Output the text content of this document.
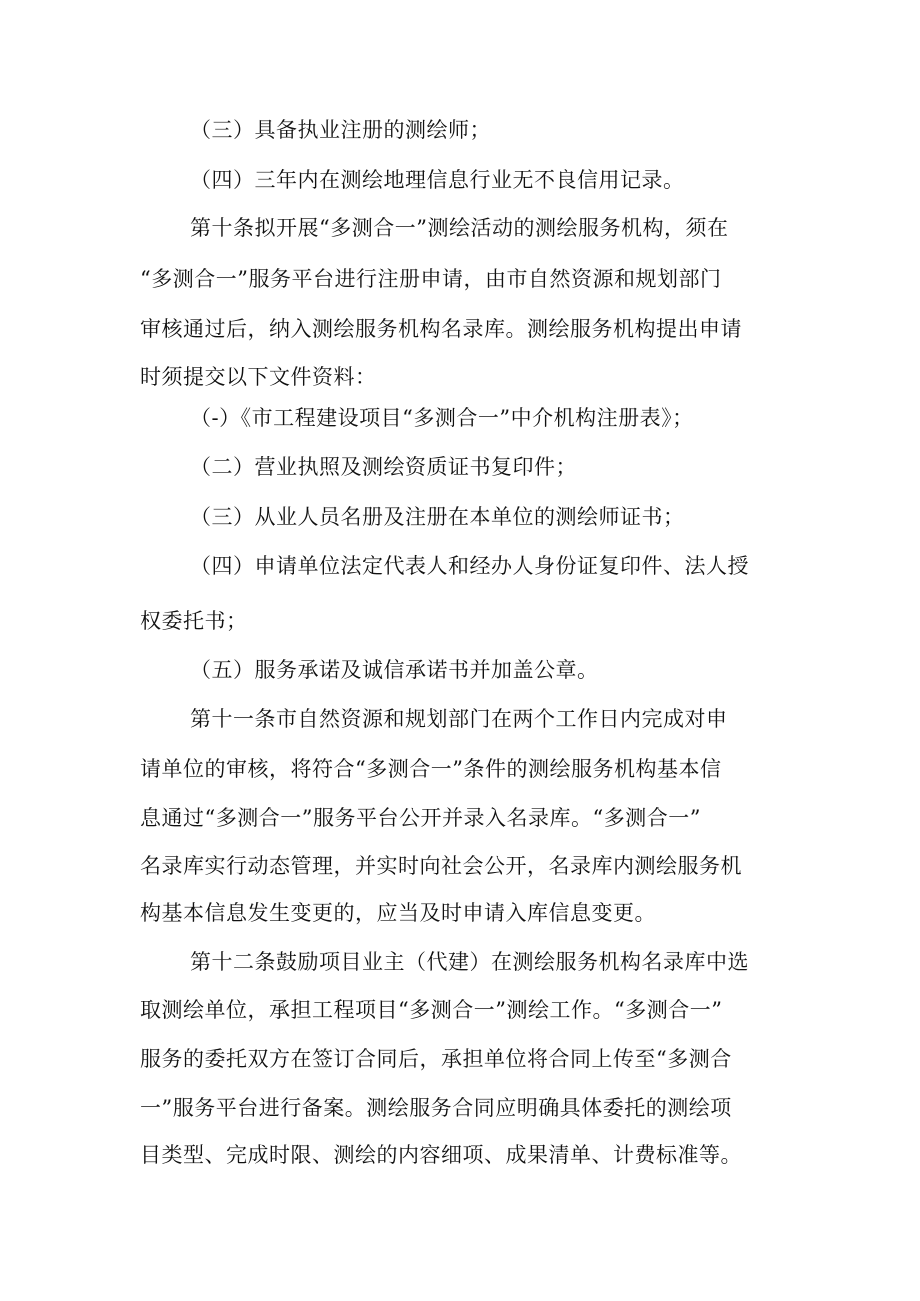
（三）具备执业注册的测绘师；
（四）三年内在测绘地理信息行业无不良信用记录。
第十条拟开展“多测合一”测绘活动的测绘服务机构，须在
“多测合一”服务平台进行注册申请，由市自然资源和规划部门
审核通过后，纳入测绘服务机构名录库。测绘服务机构提出申请
时须提交以下文件资料：
（-）《市工程建设项目“多测合一”中介机构注册表》；
（二）营业执照及测绘资质证书复印件；
（三）从业人员名册及注册在本单位的测绘师证书；
（四）申请单位法定代表人和经办人身份证复印件、法人授
权委托书；
（五）服务承诺及诚信承诺书并加盖公章。
第十一条市自然资源和规划部门在两个工作日内完成对申
请单位的审核，将符合“多测合一”条件的测绘服务机构基本信
息通过“多测合一”服务平台公开并录入名录库。“多测合一”
名录库实行动态管理，并实时向社会公开，名录库内测绘服务机
构基本信息发生变更的，应当及时申请入库信息变更。
第十二条鼓励项目业主（代建）在测绘服务机构名录库中选
取测绘单位，承担工程项目“多测合一”测绘工作。“多测合一”
服务的委托双方在签订合同后，承担单位将合同上传至“多测合
一”服务平台进行备案。测绘服务合同应明确具体委托的测绘项
目类型、完成时限、测绘的内容细项、成果清单、计费标准等。
